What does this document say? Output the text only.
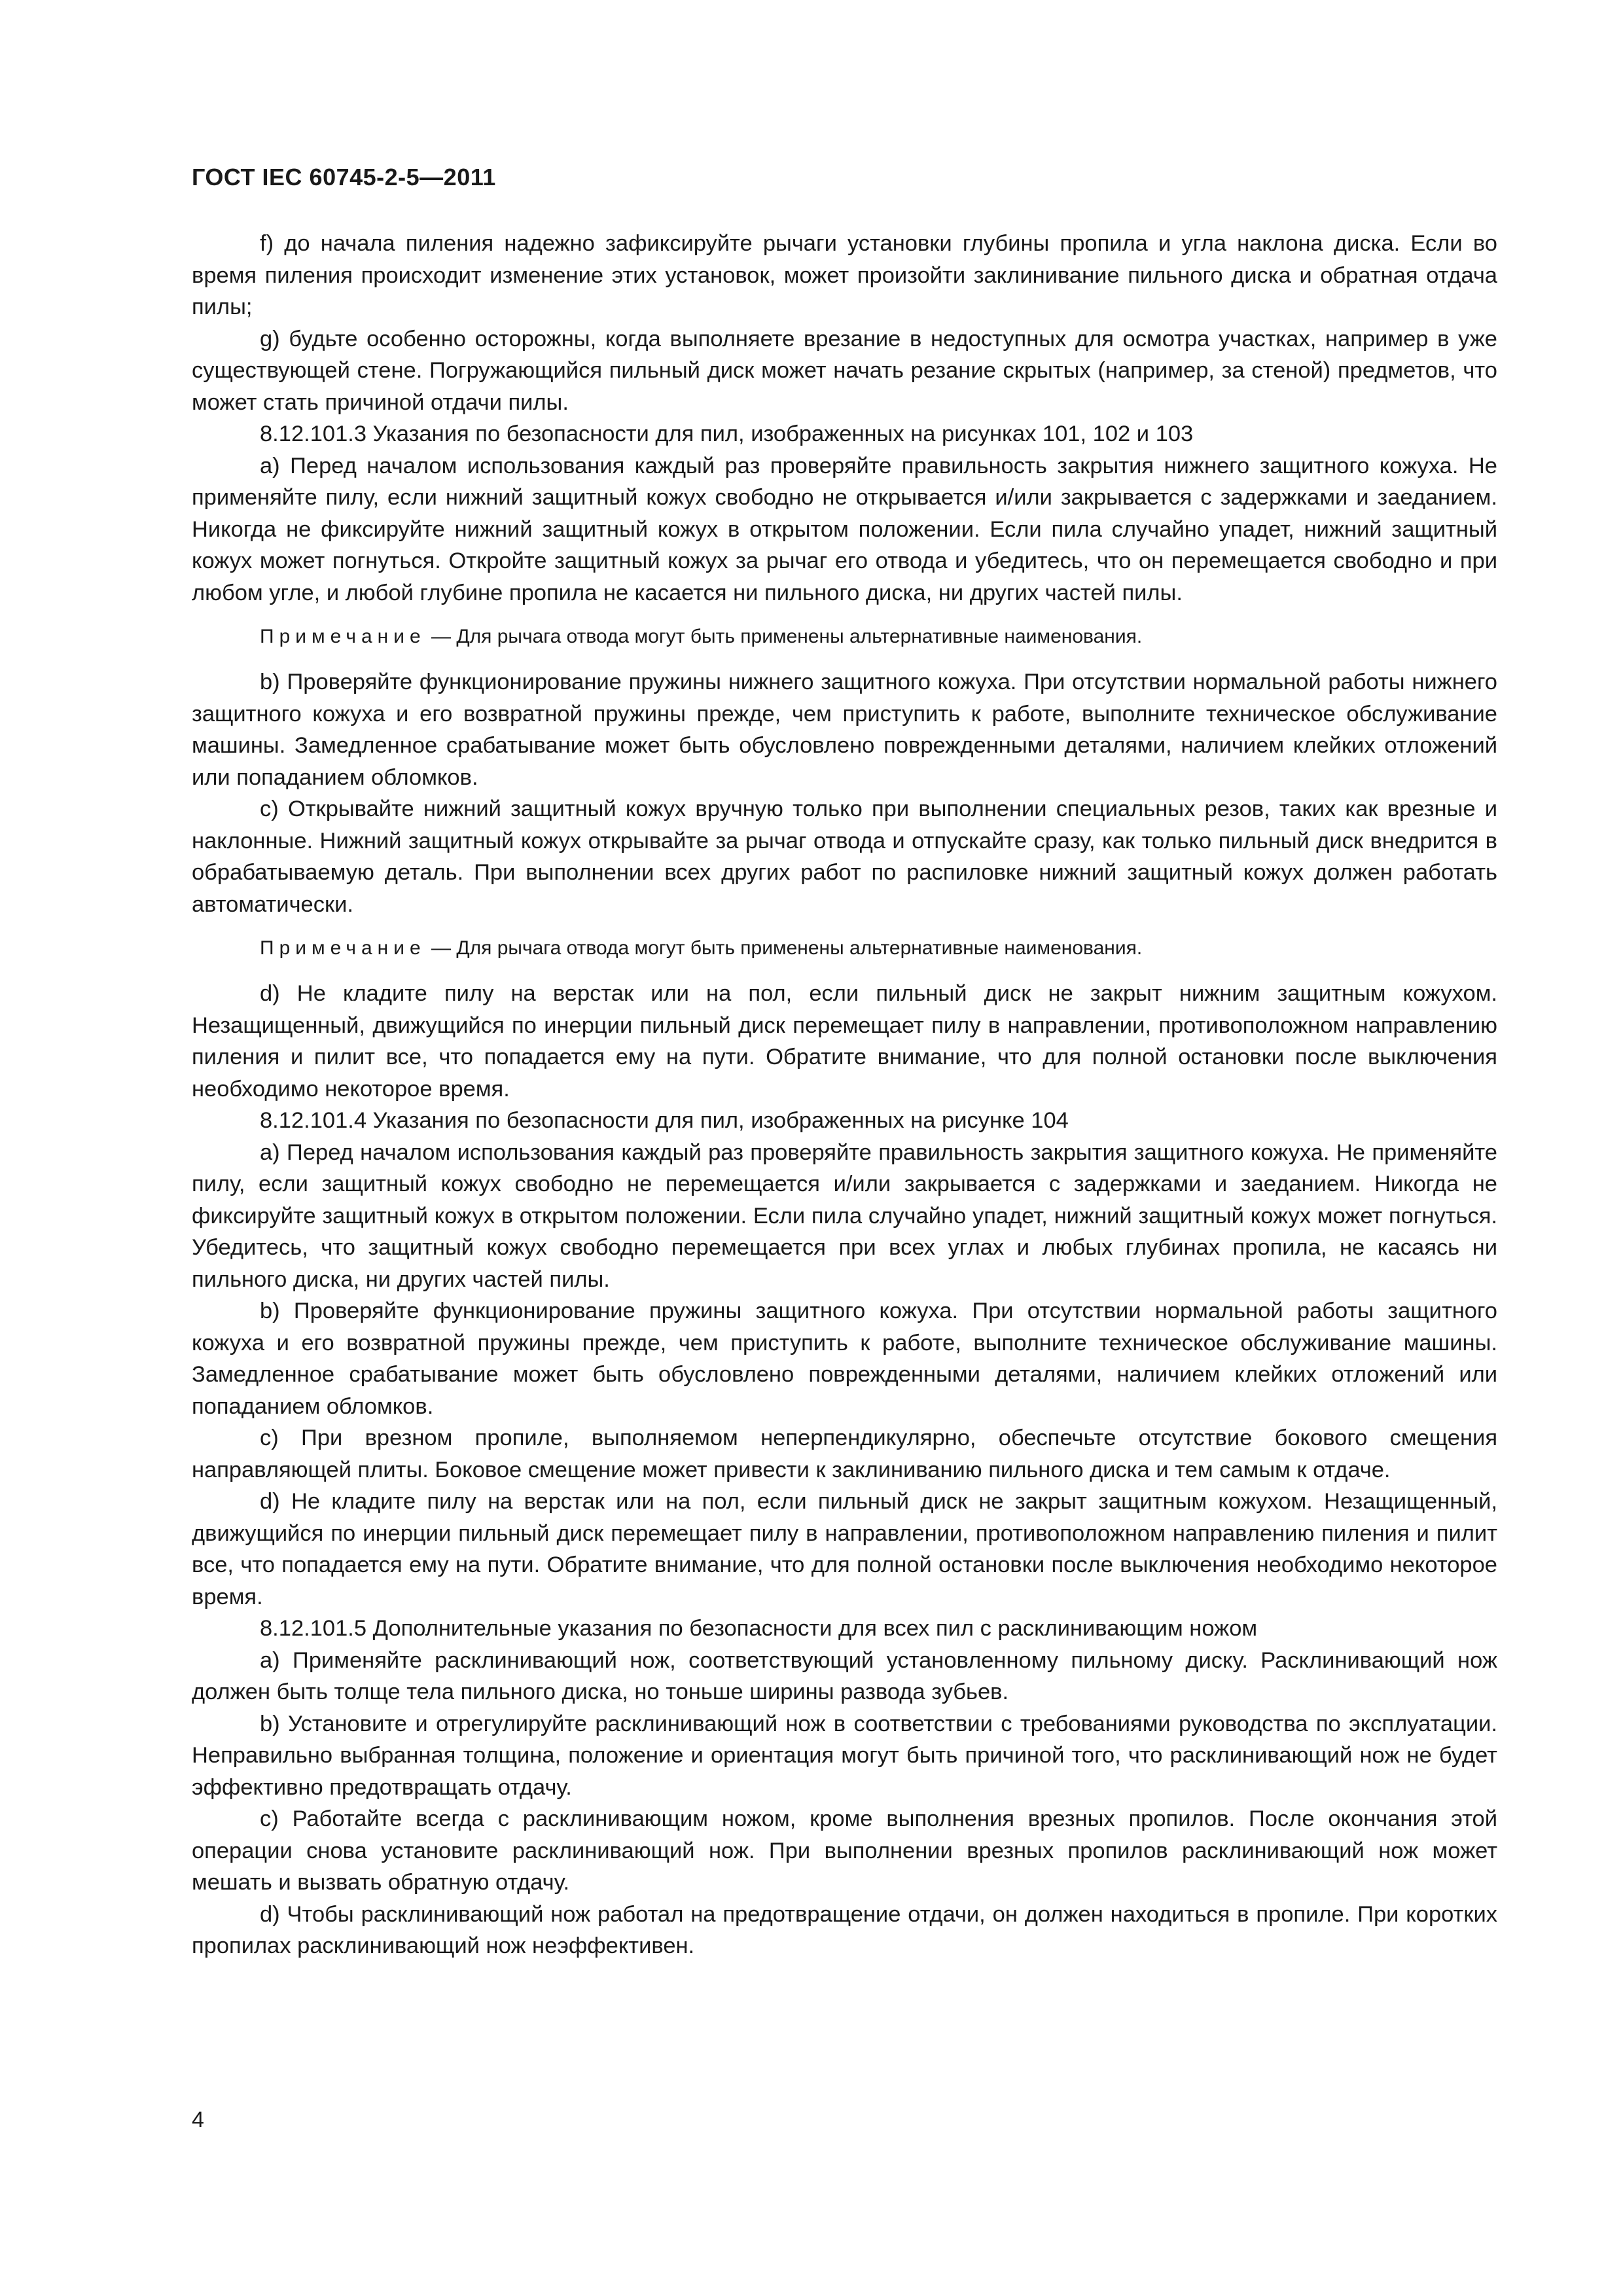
ГОСТ IEC 60745-2-5—2011

f) до начала пиления надежно зафиксируйте рычаги установки глубины пропила и угла наклона диска. Если во время пиления происходит изменение этих установок, может произойти заклинивание пильного диска и обратная отдача пилы;

g) будьте особенно осторожны, когда выполняете врезание в недоступных для осмотра участках, например в уже существующей стене. Погружающийся пильный диск может начать резание скрытых (например, за стеной) предметов, что может стать причиной отдачи пилы.

8.12.101.3 Указания по безопасности для пил, изображенных на рисунках 101, 102 и 103

a) Перед началом использования каждый раз проверяйте правильность закрытия нижнего защитного кожуха. Не применяйте пилу, если нижний защитный кожух свободно не открывается и/или закрывается с задержками и заеданием. Никогда не фиксируйте нижний защитный кожух в открытом положении. Если пила случайно упадет, нижний защитный кожух может погнуться. Откройте защитный кожух за рычаг его отвода и убедитесь, что он перемещается свободно и при любом угле, и любой глубине пропила не касается ни пильного диска, ни других частей пилы.

Примечание — Для рычага отвода могут быть применены альтернативные наименования.

b) Проверяйте функционирование пружины нижнего защитного кожуха. При отсутствии нормальной работы нижнего защитного кожуха и его возвратной пружины прежде, чем приступить к работе, выполните техническое обслуживание машины. Замедленное срабатывание может быть обусловлено поврежденными деталями, наличием клейких отложений или попаданием обломков.

c) Открывайте нижний защитный кожух вручную только при выполнении специальных резов, таких как врезные и наклонные. Нижний защитный кожух открывайте за рычаг отвода и отпускайте сразу, как только пильный диск внедрится в обрабатываемую деталь. При выполнении всех других работ по распиловке нижний защитный кожух должен работать автоматически.

Примечание — Для рычага отвода могут быть применены альтернативные наименования.

d) Не кладите пилу на верстак или на пол, если пильный диск не закрыт нижним защитным кожухом. Незащищенный, движущийся по инерции пильный диск перемещает пилу в направлении, противоположном направлению пиления и пилит все, что попадается ему на пути. Обратите внимание, что для полной остановки после выключения необходимо некоторое время.

8.12.101.4 Указания по безопасности для пил, изображенных на рисунке 104

a) Перед началом использования каждый раз проверяйте правильность закрытия защитного кожуха. Не применяйте пилу, если защитный кожух свободно не перемещается и/или закрывается с задержками и заеданием. Никогда не фиксируйте защитный кожух в открытом положении. Если пила случайно упадет, нижний защитный кожух может погнуться. Убедитесь, что защитный кожух свободно перемещается при всех углах и любых глубинах пропила, не касаясь ни пильного диска, ни других частей пилы.

b) Проверяйте функционирование пружины защитного кожуха. При отсутствии нормальной работы защитного кожуха и его возвратной пружины прежде, чем приступить к работе, выполните техническое обслуживание машины. Замедленное срабатывание может быть обусловлено поврежденными деталями, наличием клейких отложений или попаданием обломков.

c) При врезном пропиле, выполняемом неперпендикулярно, обеспечьте отсутствие бокового смещения направляющей плиты. Боковое смещение может привести к заклиниванию пильного диска и тем самым к отдаче.

d) Не кладите пилу на верстак или на пол, если пильный диск не закрыт защитным кожухом. Незащищенный, движущийся по инерции пильный диск перемещает пилу в направлении, противоположном направлению пиления и пилит все, что попадается ему на пути. Обратите внимание, что для полной остановки после выключения необходимо некоторое время.

8.12.101.5 Дополнительные указания по безопасности для всех пил с расклинивающим ножом

a) Применяйте расклинивающий нож, соответствующий установленному пильному диску. Расклинивающий нож должен быть толще тела пильного диска, но тоньше ширины развода зубьев.

b) Установите и отрегулируйте расклинивающий нож в соответствии с требованиями руководства по эксплуатации. Неправильно выбранная толщина, положение и ориентация могут быть причиной того, что расклинивающий нож не будет эффективно предотвращать отдачу.

c) Работайте всегда с расклинивающим ножом, кроме выполнения врезных пропилов. После окончания этой операции снова установите расклинивающий нож. При выполнении врезных пропилов расклинивающий нож может мешать и вызвать обратную отдачу.

d) Чтобы расклинивающий нож работал на предотвращение отдачи, он должен находиться в пропиле. При коротких пропилах расклинивающий нож неэффективен.

4
